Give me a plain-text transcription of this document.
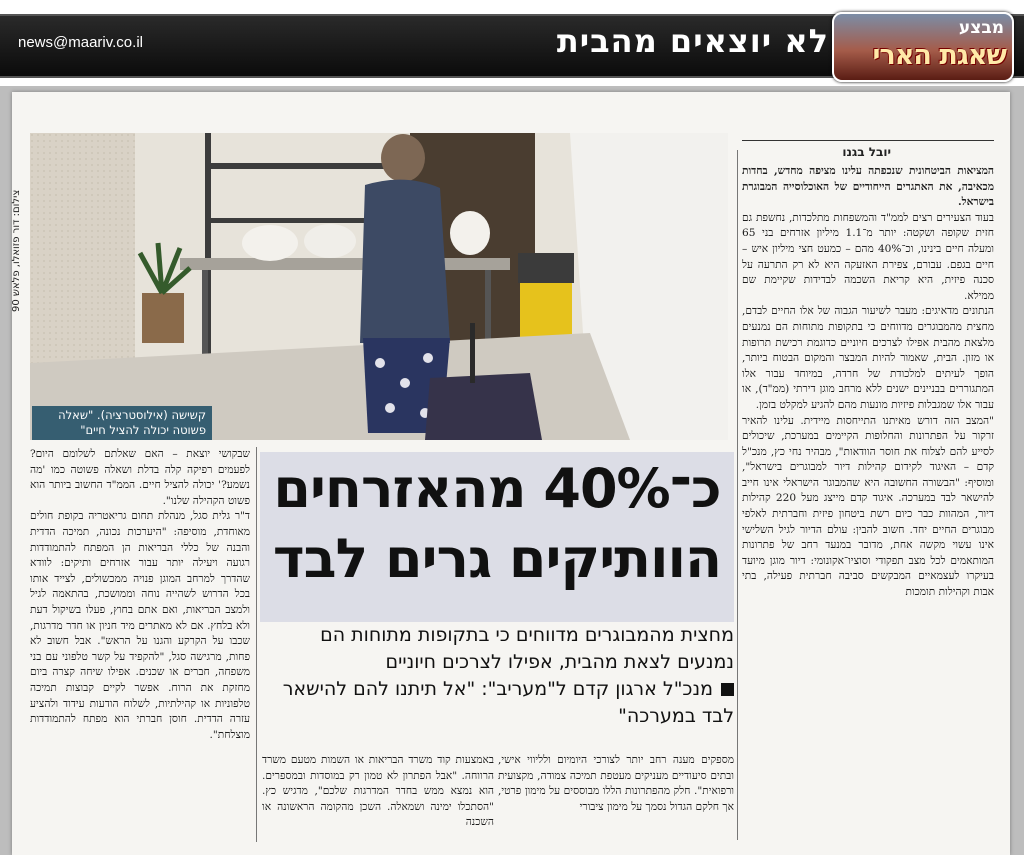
news@maariv.co.il	לא יוצאים מהבית	מבצע
שאגת הארי
קשישה (אילוסטרציה). "שאלה פשוטה יכולה להציל חיים"
צילום: דור פזואלו, פלאש 90
יובל בגנו

המציאות הביטחונית שנכפתה עלינו מציפה מחדש, בחדות מכאיבה, את האתגרים הייחודיים של האוכלוסייה המבוגרת בישראל.

בעוד הצעירים רצים לממ"ד והמשפחות מתלכדות, נחשפת גם חזית שקופה ושקטה: יותר מ־1.1 מיליון אזרחים בני 65 ומעלה חיים בינינו, וכ־40% מהם – כמעט חצי מיליון איש – חיים בגפם. עבורם, צפירת האזעקה היא לא רק התרעה על סכנה פיזית, היא קריאת השכמה לבדידות שקיימת שם ממילא.

הנתונים מדאיגים: מעבר לשיעור הגבוה של אלו החיים לבדם, מחצית מהמבוגרים מדווחים כי בתקופות מתוחות הם נמנעים מלצאת מהבית אפילו לצרכים חיוניים כדוגמת רכישת תרופות או מזון. הבית, שאמור להיות המבצר והמקום הבטוח ביותר, הופך לעיתים למלכודת של חרדה, במיוחד עבור אלו המתגוררים בבניינים ישנים ללא מרחב מוגן דירתי (ממ"ד), או עבור אלו שמגבלות פיזיות מונעות מהם להגיע למקלט בזמן.

"המצב הזה דורש מאיתנו התייחסות מיידית. עלינו להאיר זרקור על הפתרונות והחלופות הקיימים במערכת, שיכולים לסייע להם לצלוח את חוסר הוודאות", מבהיר נחי כץ, מנכ"ל קדם – האיגוד לקידום קהילות דיור למבוגרים בישראל", ומוסיף: "הבשורה החשובה היא שהמבוגר הישראלי אינו חייב להישאר לבד במערכה. איגוד קדם מייצג מעל 220 קהילות דיור, המהוות כבר כיום רשת ביטחון פיזית וחברתית לאלפי מבוגרים החיים יחד. חשוב להבין: עולם הדיור לגיל השלישי אינו עשוי מקשה אחת, מדובר במנעד רחב של פתרונות המותאמים לכל מצב תפקודי וסוציו־אקונומי: דיור מוגן מיועד בעיקרו לעצמאיים המבקשים סביבה חברתית פעילה, בתי אבות וקהילות תומכות

שבקושי יוצאת – האם שאלתם לשלומם היום? לפעמים רפיקה קלה בדלת ושאלה פשוטה כמו 'מה נשמע?' יכולה להציל חיים. הממ"ד החשוב ביותר הוא פשוט הקהילה שלנו".

ד"ר גלית סגל, מנהלת תחום גריאטריה בקופת חולים מאוחדת, מוסיפה: "היערכות נכונה, תמיכה הדדית והבנה של כללי הבריאות הן המפתח להתמודדות רגועה ויעילה יותר עבור אזרחים ותיקים: לוודא שהדרך למרחב המוגן פנויה ממכשולים, לצייד אותו בכל הדרוש לשהייה נוחה וממושכת, בהתאמה לגיל ולמצב הבריאות, ואם אתם בחוץ, פעלו בשיקול דעת ולא בלחץ. אם לא מאתרים מיד חניון או חדר מדרגות, שכבו על הקרקע והגנו על הראש". אבל חשוב לא פחות, מרגישה סגל, "להקפיד על קשר טלפוני עם בני משפחה, חברים או שכנים. אפילו שיחה קצרה ביום מחזקת את הרוח. אפשר לקיים קבוצות תמיכה טלפוניות או קהילתיות, לשלוח הודעות עידוד ולהציע עזרה הדדית. חוסן חברתי הוא מפתח להתמודדות מוצלחת".

כ־40% מהאזרחים
הוותיקים גרים לבד
מחצית מהמבוגרים מדווחים כי בתקופות מתוחות הם נמנעים לצאת מהבית, אפילו לצרכים חיוניים
מנכ"ל ארגון קדם ל"מעריב": "אל תיתנו להם להישאר לבד במערכה"

באמצעות קוד משרד הבריאות או השמות מטעם משרד הרווחה. "אבל הפתרון לא טמון רק במוסדות ובמספרים. הוא נמצא ממש בחדר המדרגות שלכם", מדגיש כץ. "הסתכלו ימינה ושמאלה. השכן מהקומה הראשונה או השכנה

מספקים מענה רחב יותר לצורכי היומיום ולליווי אישי, ובתים סיעודיים מעניקים מעטפת תמיכה צמודה, מקצועית ורפואית". חלק מהפתרונות הללו מבוססים על מימון פרטי, אך חלקם הגדול נסמך על מימון ציבורי
